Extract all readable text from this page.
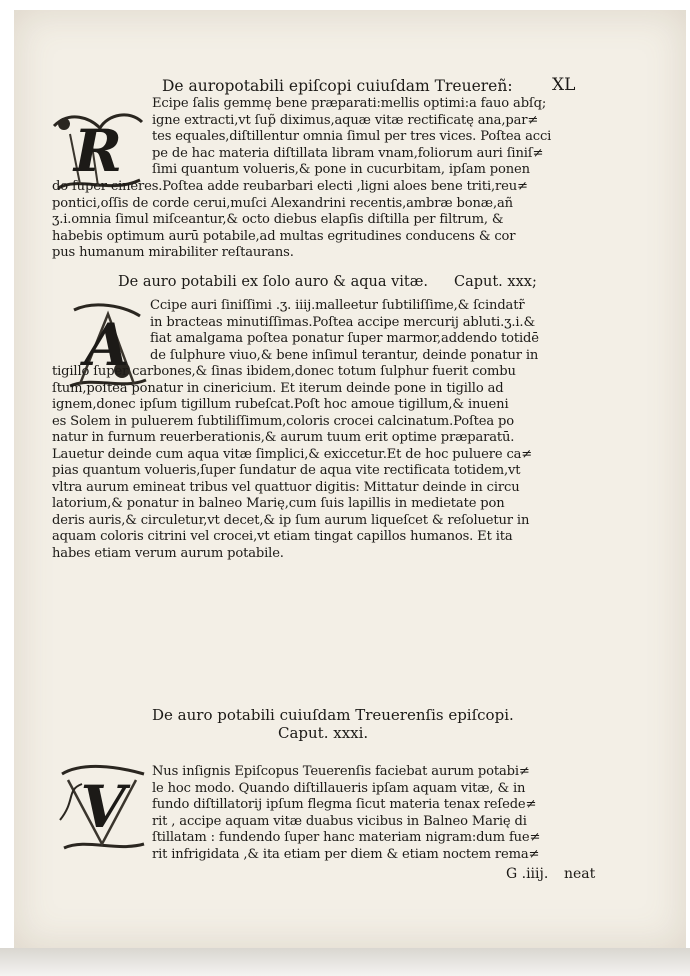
De auropotabili epiſcopi cuiuſdam Treuereñ: XL
R
Ecipe ſalis gemmę bene præparati:mellis optimi:a fauo abſq;
igne extracti,vt ſup̃ diximus,aquæ vitæ rectificatę ana,par≠
tes equales,diſtillentur omnia ſimul per tres vices. Poſtea acci
pe de hac materia diſtillata libram vnam,foliorum auri ſiniſ≠
ſimi quantum volueris,& pone in cucurbitam, ipſam ponen
do ſuper cineres.Poſtea adde reubarbari electi ,ligni aloes bene triti,reu≠
pontici,oſſis de corde cerui,muſci Alexandrini recentis,ambræ bonæ,añ
ʒ.i.omnia ſimul miſceantur,& octo diebus elapſis diſtilla per filtrum, &
habebis optimum aurū potabile,ad multas egritudines conducens & cor
pus humanum mirabiliter reſtaurans.
De auro potabili ex ſolo auro & aqua vitæ. Caput. xxx;
A
Ccipe auri ſiniſſimi .ʒ. iiij.malleetur ſubtiliſſime,& ſcindatr̃
in bracteas minutiſſimas.Poſtea accipe mercurij abluti.ʒ.i.&
fiat amalgama poſtea ponatur ſuper marmor,addendo totidē
de ſulphure viuo,& bene inſimul terantur, deinde ponatur in
tigillo ſuper carbones,& ſinas ibidem,donec totum ſulphur fuerit combu
ſtum,poſtea ponatur in cinericium. Et iterum deinde pone in tigillo ad
ignem,donec ipſum tigillum rubeſcat.Poſt hoc amoue tigillum,& inueni
es Solem in puluerem ſubtiliſſimum,coloris crocei calcinatum.Poſtea po
natur in furnum reuerberationis,& aurum tuum erit optime præparatū.
Lauetur deinde cum aqua vitæ ſimplici,& exiccetur.Et de hoc puluere ca≠
pias quantum volueris,ſuper ſundatur de aqua vite rectificata totidem,vt
vltra aurum emineat tribus vel quattuor digitis: Mittatur deinde in circu
latorium,& ponatur in balneo Marię,cum ſuis lapillis in medietate pon
deris auris,& circuletur,vt decet,& ip ſum aurum liqueſcet & reſoluetur in
aquam coloris citrini vel crocei,vt etiam tingat capillos humanos. Et ita
habes etiam verum aurum potabile.
De auro potabili cuiuſdam Treuerenſis epiſcopi.
Caput. xxxi.
V
Nus inſignis Epiſcopus Teuerenſis faciebat aurum potabi≠
le hoc modo. Quando diſtillaueris ipſam aquam vitæ, & in
fundo diſtillatorij ipſum flegma ſicut materia tenax reſede≠
rit , accipe aquam vitæ duabus vicibus in Balneo Marię di
ſtillatam : fundendo ſuper hanc materiam nigram:dum fue≠
rit infrigidata ,& ita etiam per diem & etiam noctem rema≠
G .iiij. neat
